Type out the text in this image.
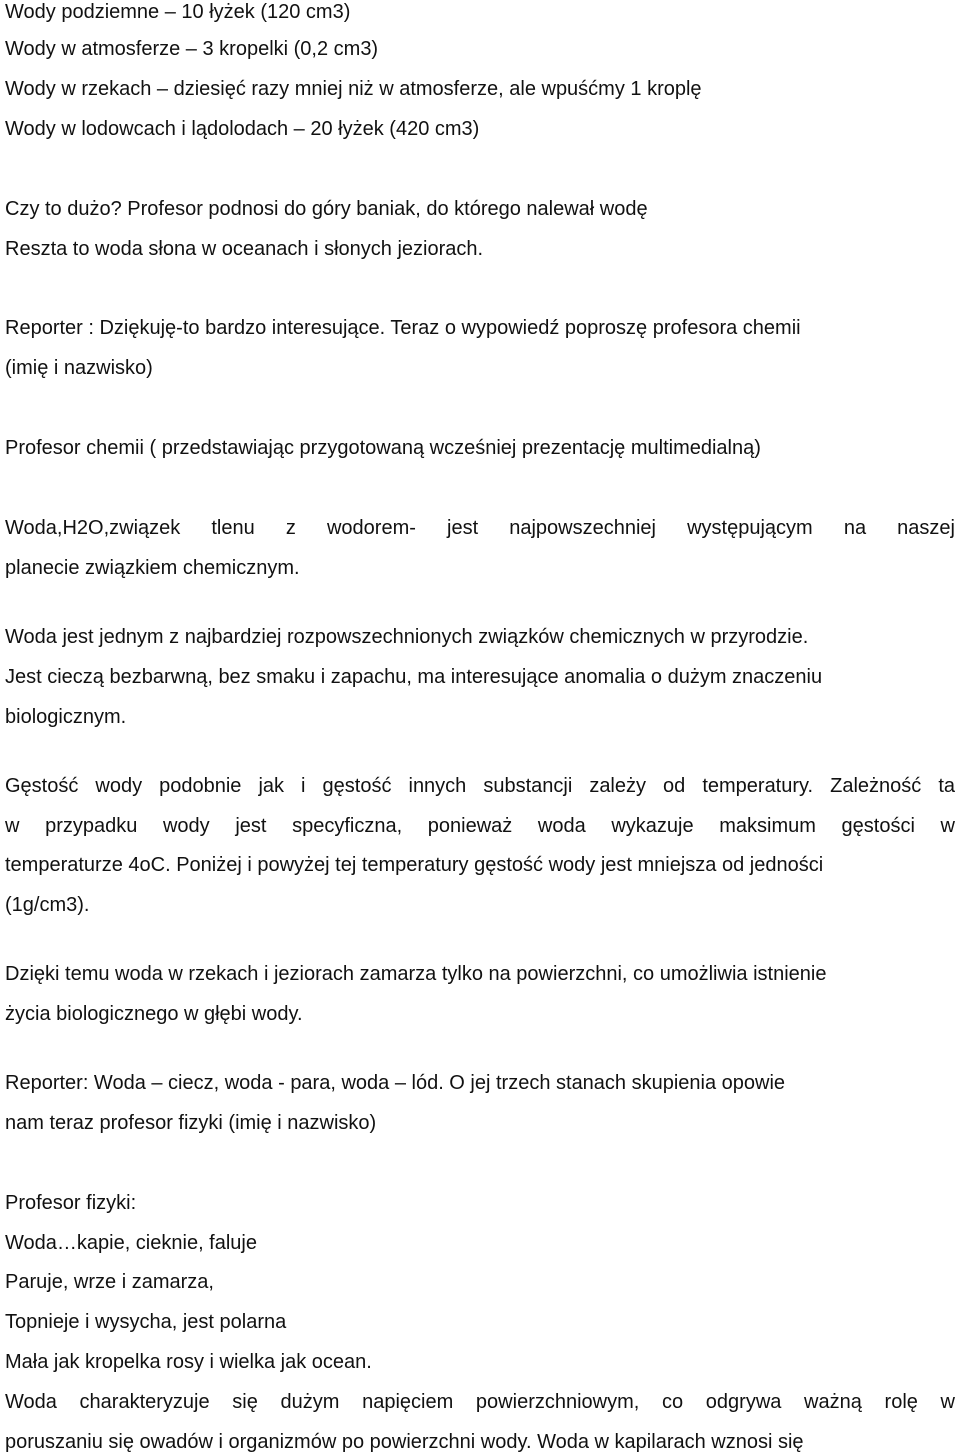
Wody podziemne – 10 łyżek (120 cm3)

Wody w atmosferze – 3 kropelki (0,2 cm3)

Wody w rzekach – dziesięć razy mniej niż w atmosferze, ale wpuśćmy 1 kroplę

Wody w lodowcach i lądolodach – 20 łyżek (420 cm3)

Czy to dużo? Profesor podnosi do góry baniak, do którego nalewał wodę

Reszta to woda słona w oceanach i słonych jeziorach.

Reporter : Dziękuję-to bardzo interesujące. Teraz o wypowiedź poproszę profesora chemii

(imię i nazwisko)

Profesor chemii ( przedstawiając przygotowaną wcześniej prezentację multimedialną)

Woda,H2O,związek tlenu z wodorem- jest najpowszechniej występującym na naszej

planecie związkiem chemicznym.

Woda jest jednym z najbardziej rozpowszechnionych związków chemicznych w przyrodzie.

Jest cieczą bezbarwną, bez smaku i zapachu, ma interesujące anomalia o dużym znaczeniu

biologicznym.

Gęstość wody podobnie jak i gęstość innych substancji zależy od temperatury. Zależność ta

w przypadku wody jest specyficzna, ponieważ woda wykazuje maksimum gęstości w

temperaturze 4oC. Poniżej i powyżej tej temperatury gęstość wody jest mniejsza od jedności

(1g/cm3).

Dzięki temu woda w rzekach i jeziorach zamarza tylko na powierzchni, co umożliwia istnienie

życia biologicznego w głębi wody.

Reporter: Woda – ciecz, woda - para, woda – lód. O jej trzech stanach skupienia opowie

nam teraz profesor fizyki (imię i nazwisko)

Profesor fizyki:

Woda…kapie, cieknie, faluje

Paruje, wrze i zamarza,

Topnieje i wysycha, jest polarna

Mała jak kropelka rosy i wielka jak ocean.

Woda charakteryzuje się dużym napięciem powierzchniowym, co odgrywa ważną rolę w

poruszaniu się owadów i organizmów po powierzchni wody. Woda w kapilarach wznosi się
